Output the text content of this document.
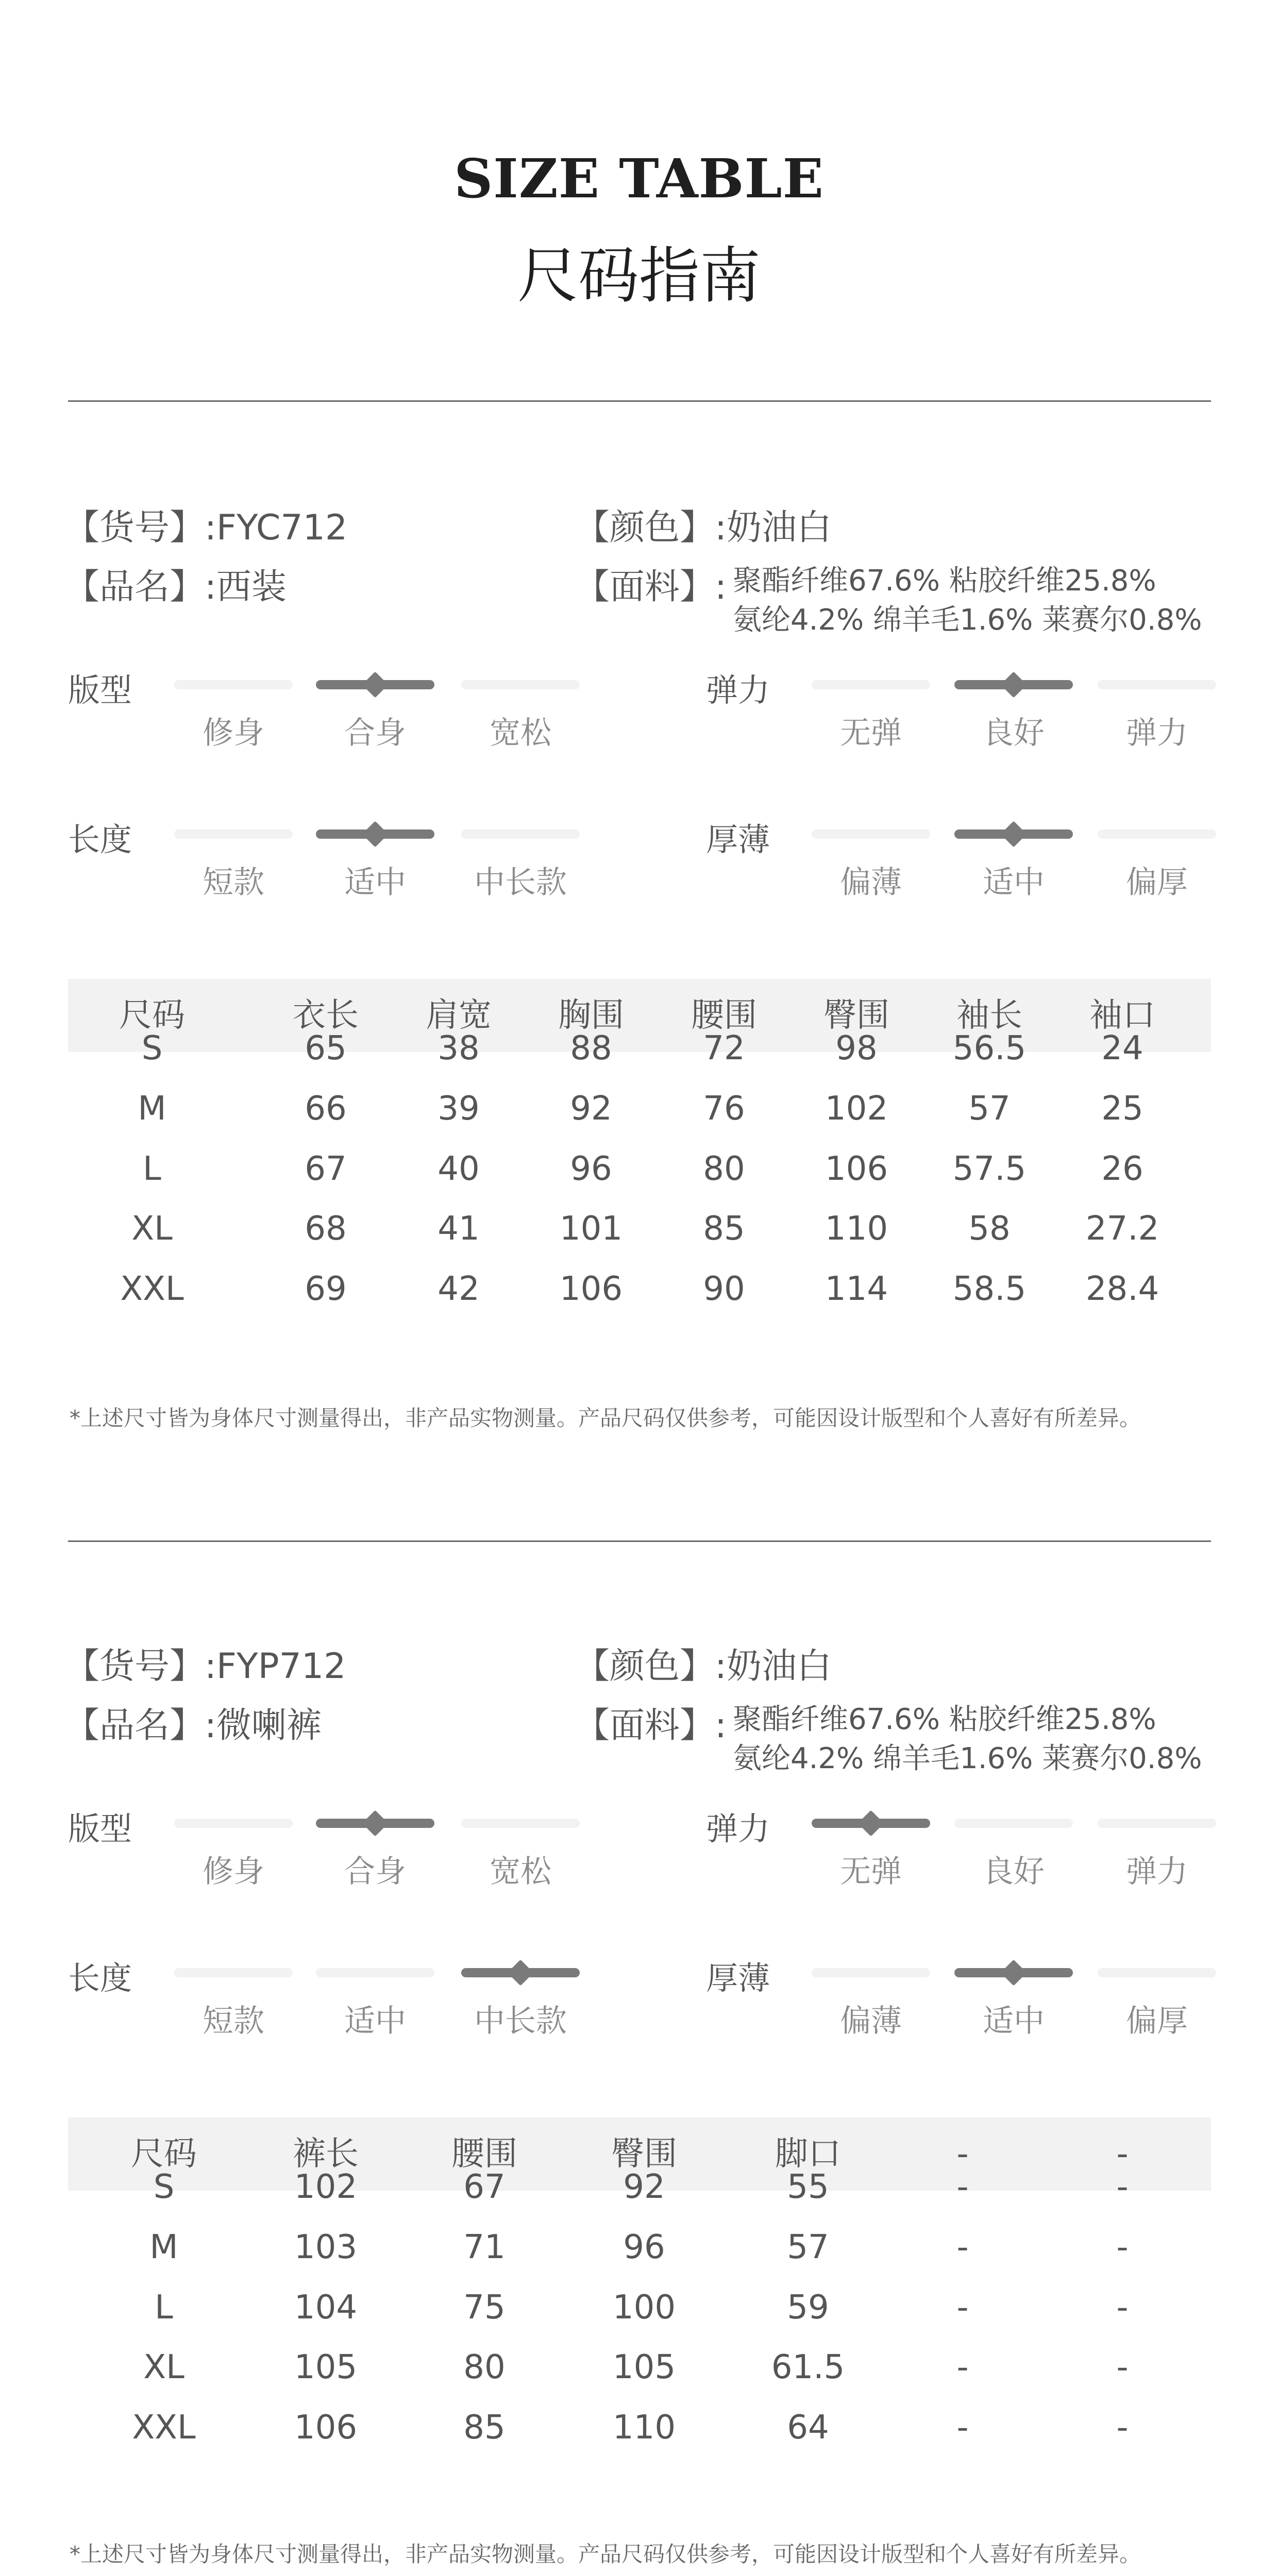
SIZE TABLE
尺码指南
【货号】:FYC712
【品名】:西装
【颜色】:奶油白
【面料】: 聚酯纤维67.6% 粘胶纤维25.8%
氨纶4.2% 绵羊毛1.6% 莱赛尔0.8%
尺码	衣长	肩宽	胸围	腰围	臀围	袖长	袖口
*上述尺寸皆为身体尺寸测量得出，非产品实物测量。产品尺码仅供参考，可能因设计版型和个人喜好有所差异。
版型
修身	合身	宽松
弹力
无弹	良好	弹力
长度
短款	适中	中长款
厚薄
偏薄	适中	偏厚
S	65	38	88	72	98	56.5	24
M	66	39	92	76	102	57	25
L	67	40	96	80	106	57.5	26
XL	68	41	101	85	110	58	27.2
XXL	69	42	106	90	114	58.5	28.4
【货号】:FYP712
【品名】:微喇裤
【颜色】:奶油白
【面料】: 聚酯纤维67.6% 粘胶纤维25.8%
氨纶4.2% 绵羊毛1.6% 莱赛尔0.8%
尺码	裤长	腰围	臀围	脚口	-	-
*上述尺寸皆为身体尺寸测量得出，非产品实物测量。产品尺码仅供参考，可能因设计版型和个人喜好有所差异。
版型
修身	合身	宽松
弹力
无弹	良好	弹力
长度
短款	适中	中长款
厚薄
偏薄	适中	偏厚
S	102	67	92	55	-	-
M	103	71	96	57	-	-
L	104	75	100	59	-	-
XL	105	80	105	61.5	-	-
XXL	106	85	110	64	-	-
